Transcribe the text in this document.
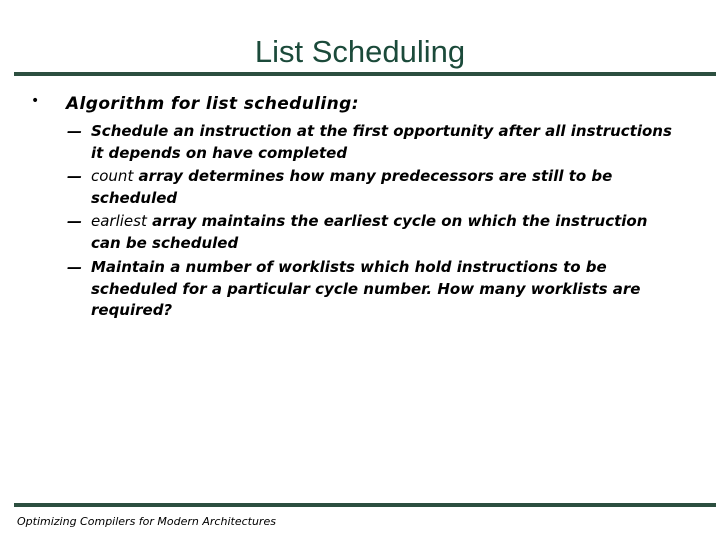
List Scheduling
• Algorithm for list scheduling:
— Schedule an instruction at the first opportunity after all instructions
it depends on have completed
— count array determines how many predecessors are still to be
scheduled
— earliest array maintains the earliest cycle on which the instruction
can be scheduled
— Maintain a number of worklists which hold instructions to be
scheduled for a particular cycle number. How many worklists are
required?
Optimizing Compilers for Modern Architectures
